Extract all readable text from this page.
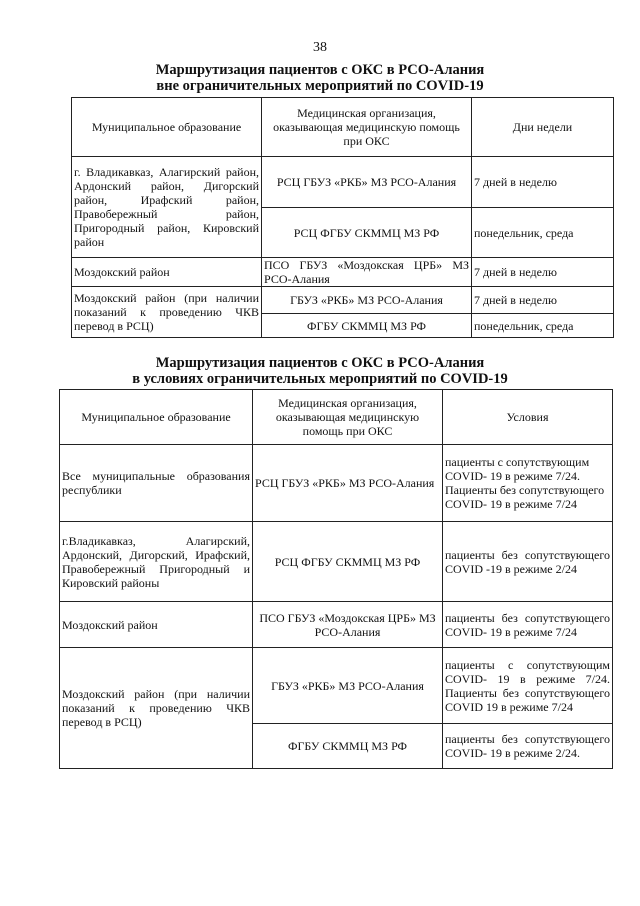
38
Маршрутизация пациентов с ОКС в РСО-Алания
вне ограничительных мероприятий по COVID-19
Муниципальное образование	Медицинская организация, оказывающая медицинскую помощь при ОКС	Дни недели
г. Владикавказ, Алагирский район, Ардонский район, Дигорский район, Ирафский район, Правобережный район, Пригородный район, Кировский район	РСЦ ГБУЗ «РКБ» МЗ РСО-Алания	7 дней в неделю
	РСЦ ФГБУ СКММЦ МЗ РФ	понедельник, среда
Моздокский район	ПСО ГБУЗ «Моздокская ЦРБ» МЗ РСО-Алания	7 дней в неделю
Моздокский район (при наличии показаний к проведению ЧКВ перевод в РСЦ)	ГБУЗ «РКБ» МЗ РСО-Алания	7 дней в неделю
	ФГБУ СКММЦ МЗ РФ	понедельник, среда
Маршрутизация пациентов с ОКС в РСО-Алания
в условиях ограничительных мероприятий по COVID-19
Муниципальное образование	Медицинская организация, оказывающая медицинскую помощь при ОКС	Условия
Все муниципальные образования республики	РСЦ ГБУЗ «РКБ» МЗ РСО-Алания	пациенты с сопутствующим COVID- 19 в режиме 7/24. Пациенты без сопутствующего COVID- 19 в режиме 7/24
г.Владикавказ, Алагирский, Ардонский, Дигорский, Ирафский, Правобережный Пригородный и Кировский районы	РСЦ ФГБУ СКММЦ МЗ РФ	пациенты без сопутствующего COVID -19 в режиме 2/24
Моздокский район	ПСО ГБУЗ «Моздокская ЦРБ» МЗ РСО-Алания	пациенты без сопутствующего COVID- 19 в режиме 7/24
Моздокский район (при наличии показаний к проведению ЧКВ перевод в РСЦ)	ГБУЗ «РКБ» МЗ РСО-Алания	пациенты с сопутствующим COVID- 19 в режиме 7/24. Пациенты без сопутствующего COVID 19 в режиме 7/24
	ФГБУ СКММЦ МЗ РФ	пациенты без сопутствующего COVID- 19 в режиме 2/24.
